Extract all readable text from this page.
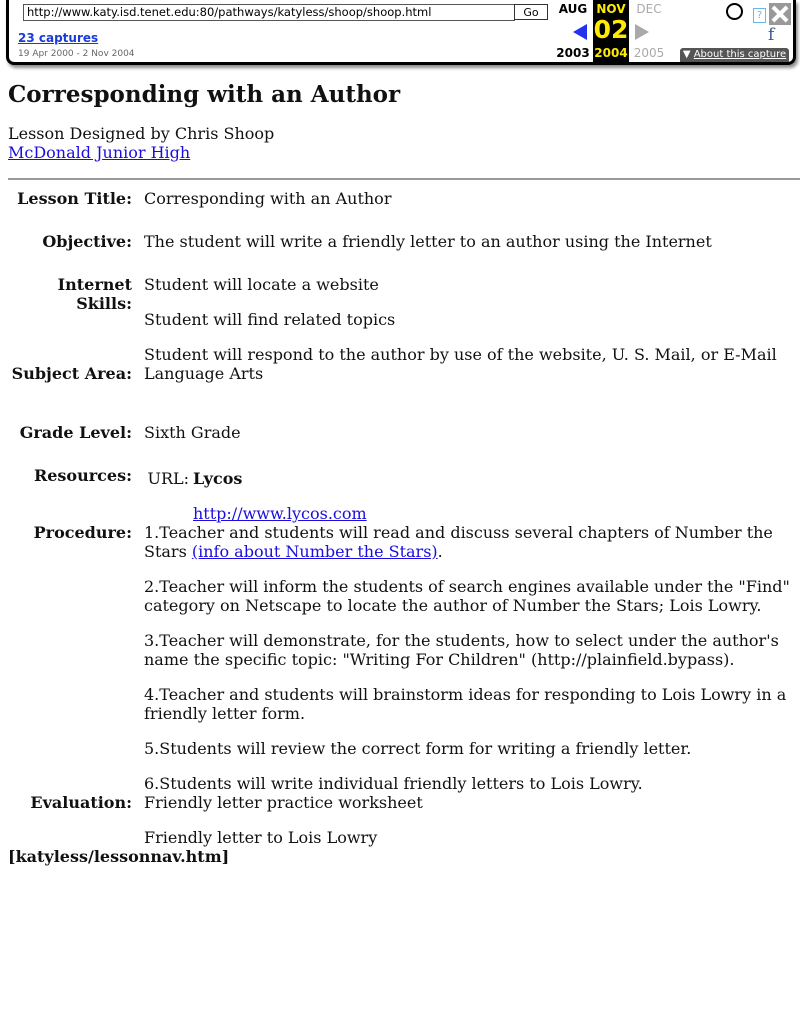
http://www.katy.isd.tenet.edu:80/pathways/katyless/shoop/shoop.html
Go
23 captures
19 Apr 2000 - 2 Nov 2004
AUG
2003
NOV
02
2004
DEC
2005
?
f
▼ About this capture
Corresponding with an Author
Lesson Designed by Chris Shoop
McDonald Junior High
Lesson Title:	Corresponding with an Author

Objective:	The student will write a friendly letter to an author using the Internet

Internet Skills:	Student will locate a website

Student will find related topics

Student will respond to the author by use of the website, U. S. Mail, or E-Mail

Subject Area:	Language Arts

Grade Level:	Sixth Grade

Resources:	URL: Lycos
http://www.lycos.com

Procedure:	1.Teacher and students will read and discuss several chapters of Number the Stars (info about Number the Stars).

2.Teacher will inform the students of search engines available under the "Find" category on Netscape to locate the author of Number the Stars; Lois Lowry.

3.Teacher will demonstrate, for the students, how to select under the author's name the specific topic: "Writing For Children" (http://plainfield.bypass).

4.Teacher and students will brainstorm ideas for responding to Lois Lowry in a friendly letter form.

5.Students will review the correct form for writing a friendly letter.

6.Students will write individual friendly letters to Lois Lowry.

Evaluation:	Friendly letter practice worksheet

Friendly letter to Lois Lowry

[katyless/lessonnav.htm]
